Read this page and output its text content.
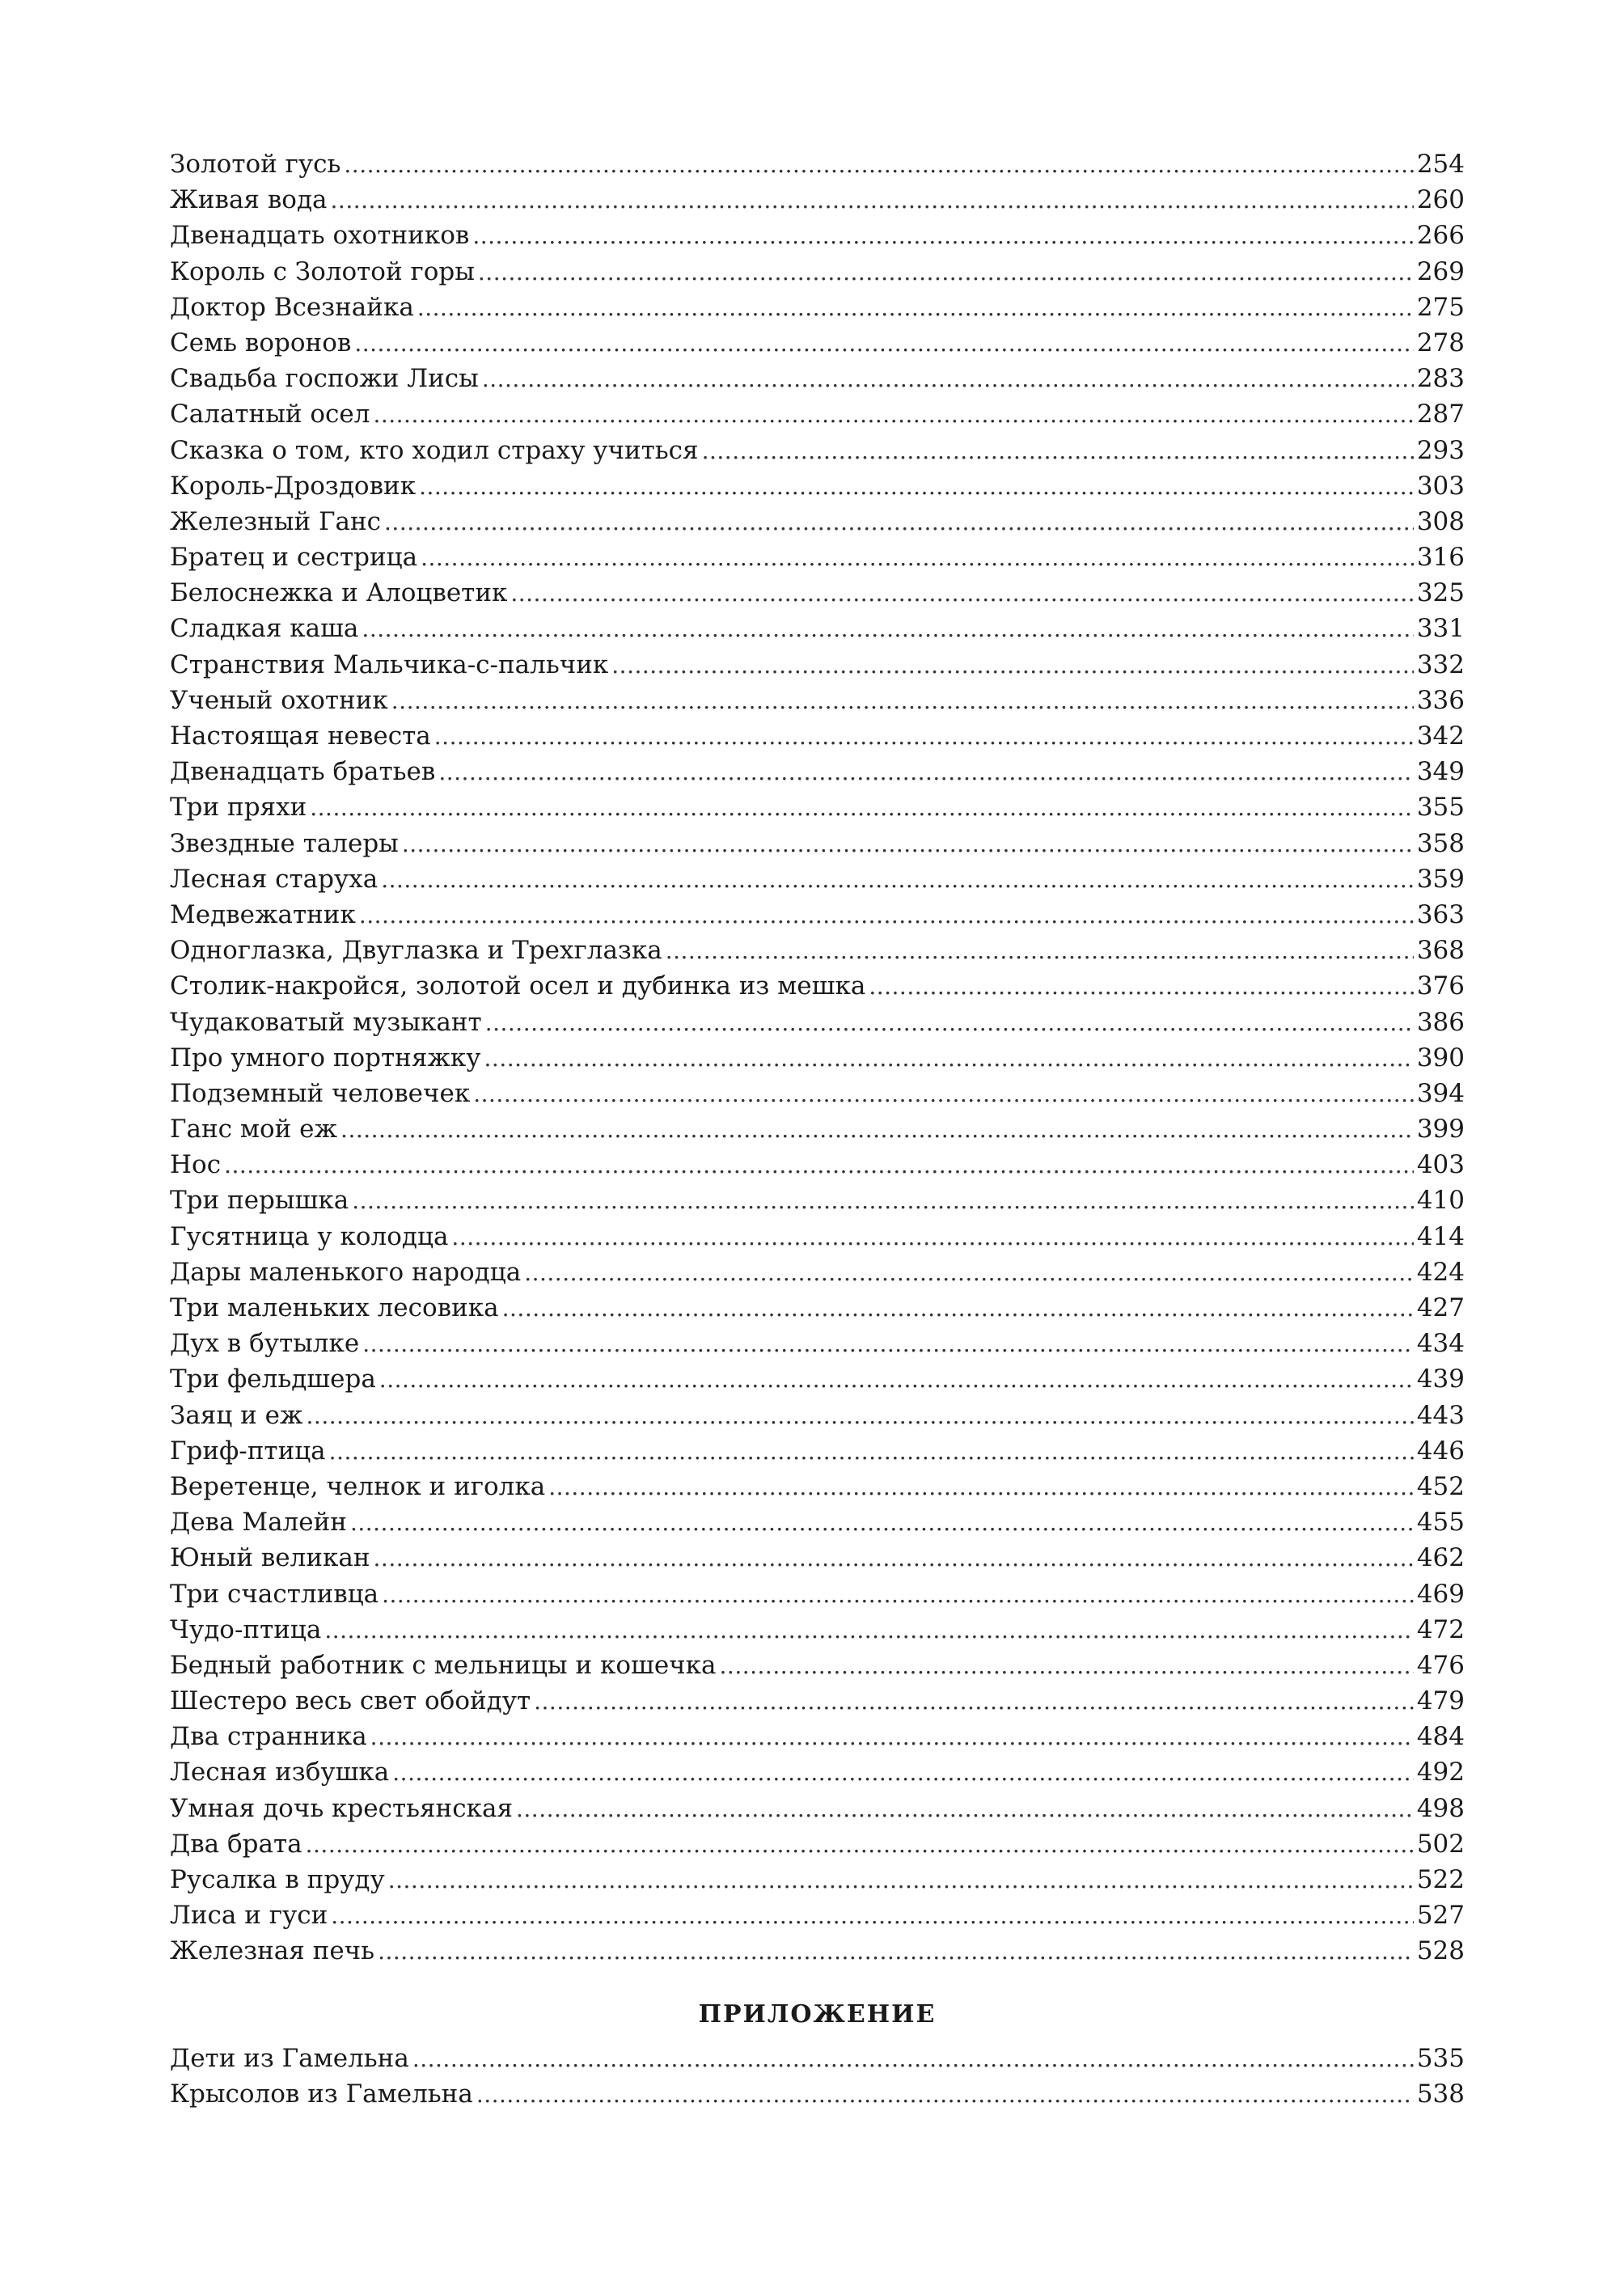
Золотой гусь . . .	254
Живая вода . . .	260
Двенадцать охотников . . .	266
Король с Золотой горы . . .	269
Доктор Всезнайка . . .	275
Семь воронов . . .	278
Свадьба госпожи Лисы . . .	283
Салатный осел . . .	287
Сказка о том, кто ходил страху учиться . . .	293
Король-Дроздовик . . .	303
Железный Ганс . . .	308
Братец и сестрица . . .	316
Белоснежка и Алоцветик . . .	325
Сладкая каша . . .	331
Странствия Мальчика-с-пальчик . . .	332
Ученый охотник . . .	336
Настоящая невеста . . .	342
Двенадцать братьев . . .	349
Три пряхи . . .	355
Звездные талеры . . .	358
Лесная старуха . . .	359
Медвежатник . . .	363
Одноглазка, Двуглазка и Трехглазка . . .	368
Столик-накройся, золотой осел и дубинка из мешка . . .	376
Чудаковатый музыкант . . .	386
Про умного портняжку . . .	390
Подземный человечек . . .	394
Ганс мой еж . . .	399
Нос . . .	403
Три перышка . . .	410
Гусятница у колодца . . .	414
Дары маленького народца . . .	424
Три маленьких лесовика . . .	427
Дух в бутылке . . .	434
Три фельдшера . . .	439
Заяц и еж . . .	443
Гриф-птица . . .	446
Веретенце, челнок и иголка . . .	452
Дева Малейн . . .	455
Юный великан . . .	462
Три счастливца . . .	469
Чудо-птица . . .	472
Бедный работник с мельницы и кошечка . . .	476
Шестеро весь свет обойдут . . .	479
Два странника . . .	484
Лесная избушка . . .	492
Умная дочь крестьянская . . .	498
Два брата . . .	502
Русалка в пруду . . .	522
Лиса и гуси . . .	527
Железная печь . . .	528
ПРИЛОЖЕНИЕ
Дети из Гамельна . . .	535
Крысолов из Гамельна . . .	538
